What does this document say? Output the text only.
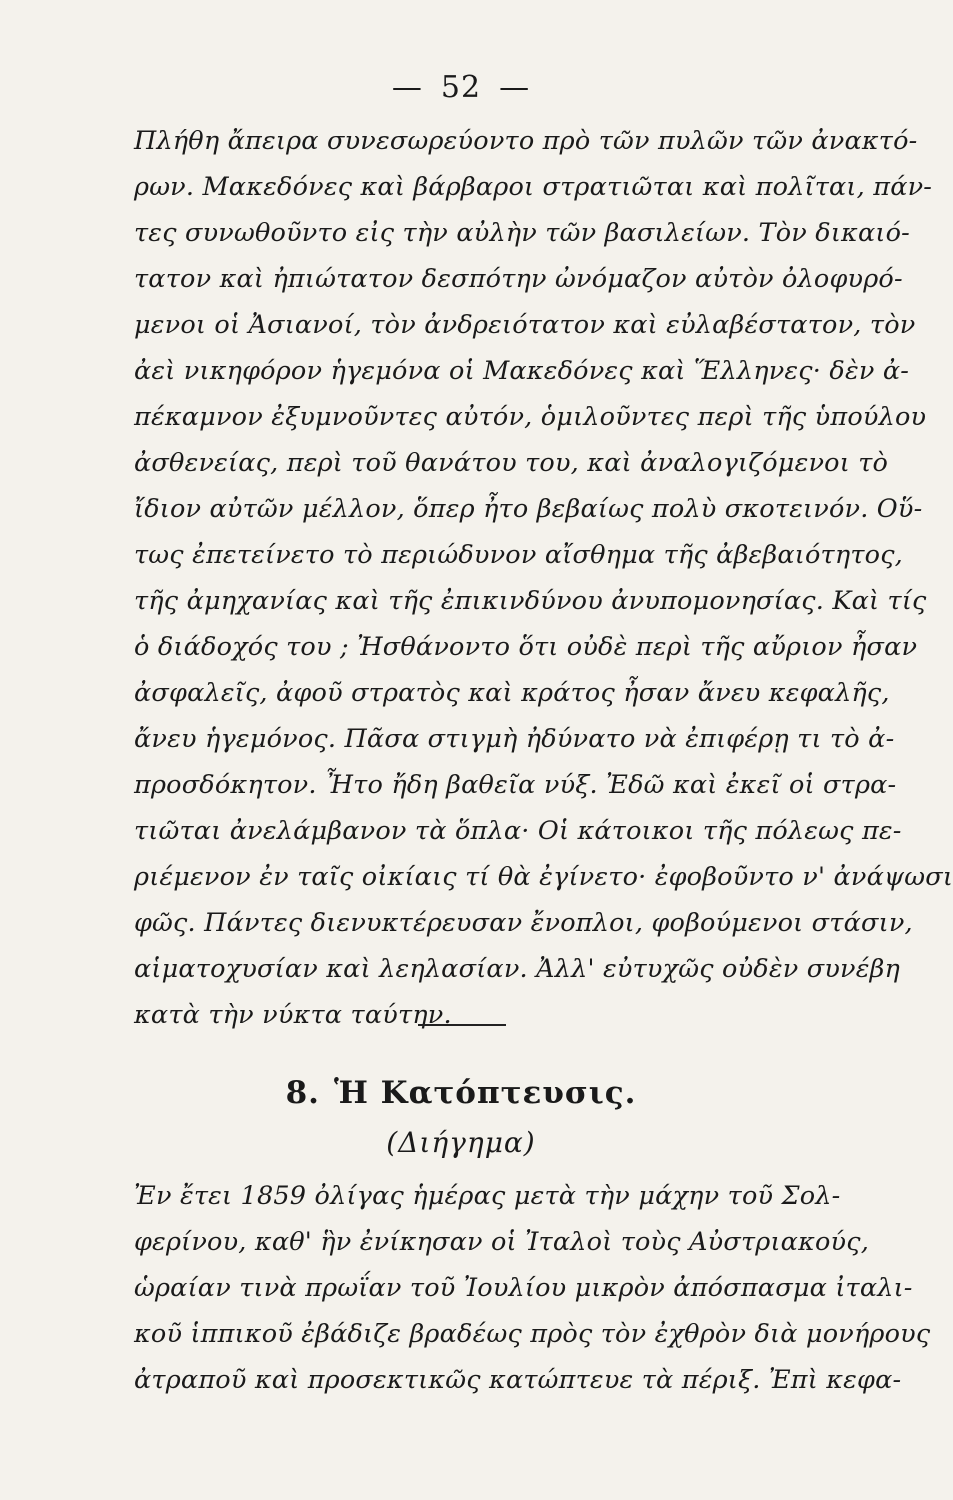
— 52 —
Πλήθη ἄπειρα συνεσωρεύοντο πρὸ τῶν πυλῶν τῶν ἀνακτό-
ρων. Μακεδόνες καὶ βάρβαροι στρατιῶται καὶ πολῖται, πάν-
τες συνωθοῦντο εἰς τὴν αὐλὴν τῶν βασιλείων. Τὸν δικαιό-
τατον καὶ ἠπιώτατον δεσπότην ὠνόμαζον αὐτὸν ὀλοφυρό-
μενοι οἱ Ἀσιανοί, τὸν ἀνδρειότατον καὶ εὐλαβέστατον, τὸν
ἀεὶ νικηφόρον ἡγεμόνα οἱ Μακεδόνες καὶ Ἕλληνες· δὲν ἀ-
πέκαμνον ἐξυμνοῦντες αὐτόν, ὁμιλοῦντες περὶ τῆς ὑπούλου
ἀσθενείας, περὶ τοῦ θανάτου του, καὶ ἀναλογιζόμενοι τὸ
ἴδιον αὐτῶν μέλλον, ὅπερ ἦτο βεβαίως πολὺ σκοτεινόν. Οὕ-
τως ἐπετείνετο τὸ περιώδυνον αἴσθημα τῆς ἀβεβαιότητος,
τῆς ἀμηχανίας καὶ τῆς ἐπικινδύνου ἀνυπομονησίας. Καὶ τίς
ὁ διάδοχός του ; Ἠσθάνοντο ὅτι οὐδὲ περὶ τῆς αὔριον ἦσαν
ἀσφαλεῖς, ἀφοῦ στρατὸς καὶ κράτος ἦσαν ἄνευ κεφαλῆς,
ἄνευ ἡγεμόνος. Πᾶσα στιγμὴ ἠδύνατο νὰ ἐπιφέρῃ τι τὸ ἀ-
προσδόκητον. Ἦτο ἤδη βαθεῖα νύξ. Ἐδῶ καὶ ἐκεῖ οἱ στρα-
τιῶται ἀνελάμβανον τὰ ὅπλα· Οἱ κάτοικοι τῆς πόλεως πε-
ριέμενον ἐν ταῖς οἰκίαις τί θὰ ἐγίνετο· ἐφοβοῦντο ν' ἀνάψωσι
φῶς. Πάντες διενυκτέρευσαν ἔνοπλοι, φοβούμενοι στάσιν,
αἱματοχυσίαν καὶ λεηλασίαν. Ἀλλ' εὐτυχῶς οὐδὲν συνέβη
κατὰ τὴν νύκτα ταύτην.
8. Ἡ Κατόπτευσις.
(Διήγημα)
Ἐν ἔτει 1859 ὀλίγας ἡμέρας μετὰ τὴν μάχην τοῦ Σολ-
φερίνου, καθ' ἣν ἐνίκησαν οἱ Ἰταλοὶ τοὺς Αὐστριακούς,
ὡραίαν τινὰ πρωΐαν τοῦ Ἰουλίου μικρὸν ἀπόσπασμα ἰταλι-
κοῦ ἱππικοῦ ἐβάδιζε βραδέως πρὸς τὸν ἐχθρὸν διὰ μονήρους
ἀτραποῦ καὶ προσεκτικῶς κατώπτευε τὰ πέριξ. Ἐπὶ κεφα-
